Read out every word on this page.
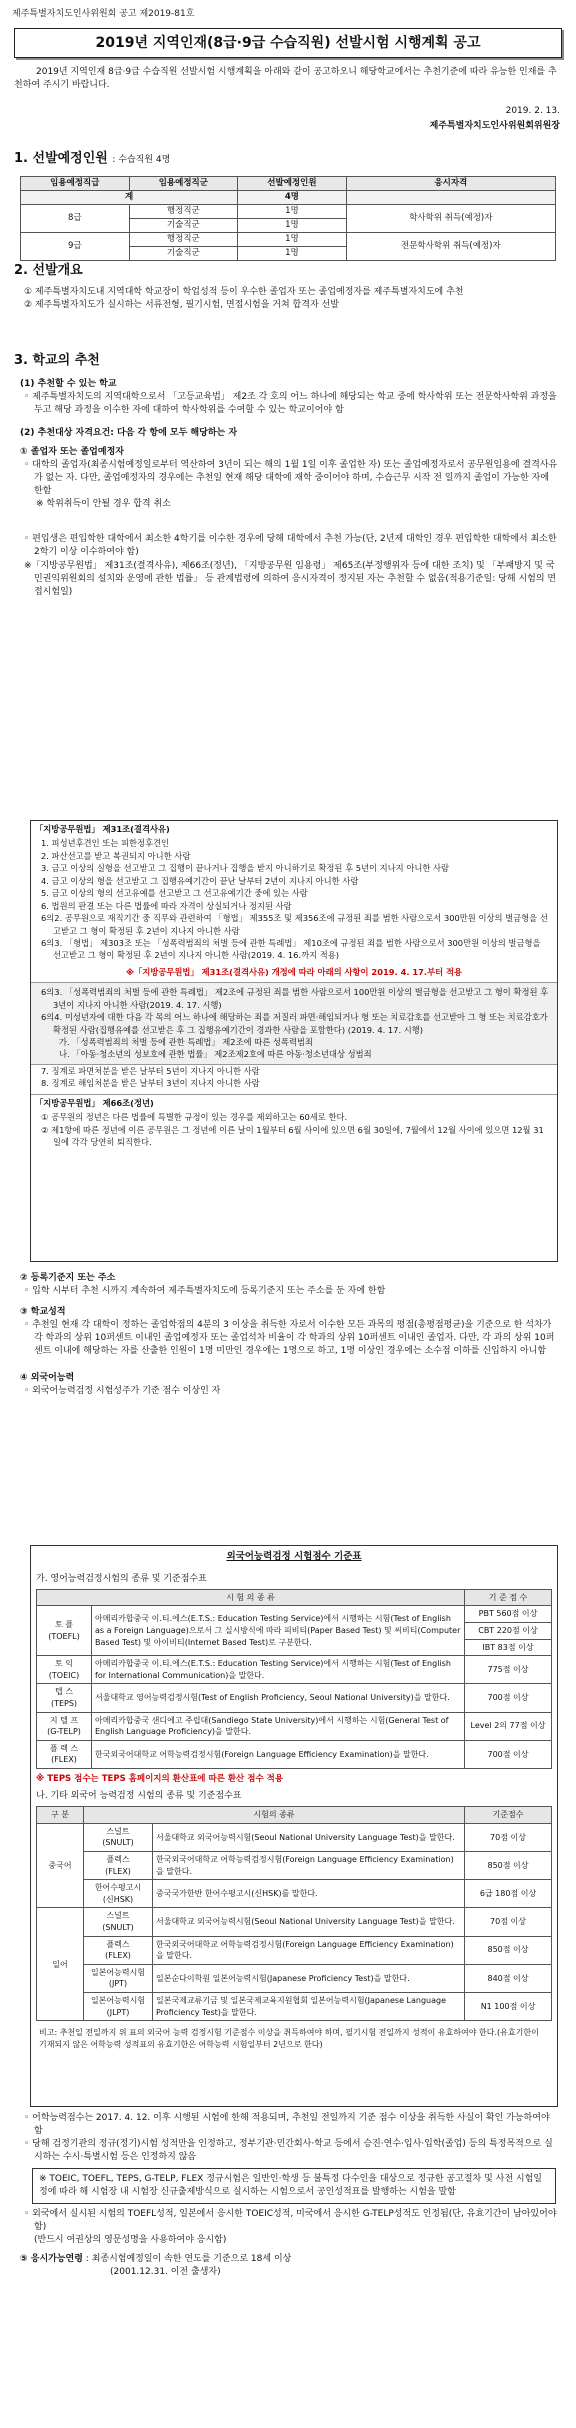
제주특별자치도인사위원회 공고 제2019-81호
2019년 지역인재(8급·9급 수습직원) 선발시험 시행계획 공고
2019년 지역인재 8급·9급 수습직원 선발시험 시행계획을 아래와 같이 공고하오니 해당학교에서는 추천기준에 따라 유능한 인재를 추천하여 주시기 바랍니다.
2019. 2. 13.
제주특별자치도인사위원회위원장
1. 선발예정인원 : 수습직원 4명
임용예정직급	임용예정직군	선발예정인원	응시자격
계		4명	
8급	행정직군	1명	학사학위 취득(예정)자
	기술직군	1명	
9급	행정직군	1명	전문학사학위 취득(예정)자
	기술직군	1명	
2. 선발개요
① 제주특별자치도내 지역대학 학교장이 학업성적 등이 우수한 졸업자 또는 졸업예정자를 제주특별자치도에 추천
② 제주특별자치도가 실시하는 서류전형, 필기시험, 면접시험을 거쳐 합격자 선발
3. 학교의 추천
(1) 추천할 수 있는 학교
◦ 제주특별자치도의 지역대학으로서 「고등교육법」 제2조 각 호의 어느 하나에 해당되는 학교 중에 학사학위 또는 전문학사학위 과정을 두고 해당 과정을 이수한 자에 대하여 학사학위를 수여할 수 있는 학교이어야 함
(2) 추천대상 자격요건: 다음 각 항에 모두 해당하는 자
① 졸업자 또는 졸업예정자
◦ 대학의 졸업자(최종시험예정일로부터 역산하여 3년이 되는 해의 1월 1일 이후 졸업한 자) 또는 졸업예정자로서 공무원임용에 결격사유가 없는 자. 다만, 졸업예정자의 경우에는 추천일 현재 해당 대학에 재학 중이어야 하며, 수습근무 시작 전 일까지 졸업이 가능한 자에 한함
※ 학위취득이 안될 경우 합격 취소
◦ 편입생은 편입학한 대학에서 최소한 4학기를 이수한 경우에 당해 대학에서 추천 가능(단, 2년제 대학인 경우 편입학한 대학에서 최소한 2학기 이상 이수하여야 함)
※「지방공무원법」 제31조(결격사유), 제66조(정년), 「지방공무원 임용령」 제65조(부정행위자 등에 대한 조치) 및 「부패방지 및 국민권익위원회의 설치와 운영에 관한 법률」 등 관계법령에 의하여 응시자격이 정지된 자는 추천할 수 없음(적용기준일: 당해 시험의 면접시험일)
「지방공무원법」 제31조(결격사유)
1. 피성년후견인 또는 피한정후견인
2. 파산선고를 받고 복권되지 아니한 사람
3. 금고 이상의 실형을 선고받고 그 집행이 끝나거나 집행을 받지 아니하기로 확정된 후 5년이 지나지 아니한 사람
4. 금고 이상의 형을 선고받고 그 집행유예기간이 끝난 날부터 2년이 지나지 아니한 사람
5. 금고 이상의 형의 선고유예를 선고받고 그 선고유예기간 중에 있는 사람
6. 법원의 판결 또는 다른 법률에 따라 자격이 상실되거나 정지된 사람
6의2. 공무원으로 재직기간 중 직무와 관련하여 「형법」 제355조 및 제356조에 규정된 죄를 범한 사람으로서 300만원 이상의 벌금형을 선고받고 그 형이 확정된 후 2년이 지나지 아니한 사람
6의3. 「형법」 제303조 또는 「성폭력범죄의 처벌 등에 관한 특례법」 제10조에 규정된 죄를 범한 사람으로서 300만원 이상의 벌금형을 선고받고 그 형이 확정된 후 2년이 지나지 아니한 사람(2019. 4. 16.까지 적용)
※「지방공무원법」 제31조(결격사유) 개정에 따라 아래의 사항이 2019. 4. 17.부터 적용
6의3. 「성폭력범죄의 처벌 등에 관한 특례법」 제2조에 규정된 죄를 범한 사람으로서 100만원 이상의 벌금형을 선고받고 그 형이 확정된 후 3년이 지나지 아니한 사람(2019. 4. 17. 시행)
6의4. 미성년자에 대한 다음 각 목의 어느 하나에 해당하는 죄를 저질러 파면·해임되거나 형 또는 치료감호를 선고받아 그 형 또는 치료감호가 확정된 사람(집행유예를 선고받은 후 그 집행유예기간이 경과한 사람을 포함한다) (2019. 4. 17. 시행)
가. 「성폭력범죄의 처벌 등에 관한 특례법」 제2조에 따른 성폭력범죄
나. 「아동·청소년의 성보호에 관한 법률」 제2조제2호에 따른 아동·청소년대상 성범죄
7. 징계로 파면처분을 받은 날부터 5년이 지나지 아니한 사람
8. 징계로 해임처분을 받은 날부터 3년이 지나지 아니한 사람
「지방공무원법」 제66조(정년)
① 공무원의 정년은 다른 법률에 특별한 규정이 있는 경우를 제외하고는 60세로 한다.
② 제1항에 따른 정년에 이른 공무원은 그 정년에 이른 날이 1월부터 6월 사이에 있으면 6월 30일에, 7월에서 12월 사이에 있으면 12월 31일에 각각 당연히 퇴직한다.
② 등록기준지 또는 주소
◦ 입학 시부터 추천 시까지 계속하여 제주특별자치도에 등록기준지 또는 주소를 둔 자에 한함
③ 학교성적
◦ 추천일 현재 각 대학이 정하는 졸업학점의 4분의 3 이상을 취득한 자로서 이수한 모든 과목의 평점(총평점평균)을 기준으로 한 석차가 각 학과의 상위 10퍼센트 이내인 졸업예정자 또는 졸업석차 비율이 각 학과의 상위 10퍼센트 이내인 졸업자. 다만, 각 과의 상위 10퍼센트 이내에 해당하는 자를 산출한 인원이 1명 미만인 경우에는 1명으로 하고, 1명 이상인 경우에는 소수점 이하를 신입하지 아니함
④ 외국어능력
◦ 외국어능력검정 시험성주가 기준 점수 이상인 자
외국어능력검정 시험점수 기준표
가. 영어능력검정시험의 종류 및 기준점수표
시 험 의 종 류		기 준 점 수
토 플
(TOEFL)	아메리카합중국 이.티.에스(E.T.S.: Education Testing Service)에서 시행하는 시험(Test of English as a Foreign Language)으로서 그 실시방식에 따라 피비티(Paper Based Test) 및 씨비티(Computer Based Test) 및 아이비티(Internet Based Test)로 구분한다.	PBT 560점 이상
		CBT 220점 이상
		IBT 83점 이상
토 익
(TOEIC)	아메리카합중국 이.티.에스(E.T.S.: Education Testing Service)에서 시행하는 시험(Test of English for International Communication)을 말한다.	775점 이상
텝 스
(TEPS)	서울대학교 영어능력검정시험(Test of English Proficiency, Seoul National University)을 말한다.	700점 이상
지 텔 프
(G-TELP)	아메리카합중국 샌디에고 주립대(Sandiego State University)에서 시행하는 시험(General Test of English Language Proficiency)을 말한다.	Level 2의 77점 이상
플 렉 스
(FLEX)	한국외국어대학교 어학능력검정시험(Foreign Language Efficiency Examination)을 말한다.	700점 이상
※ TEPS 점수는 TEPS 홈페이지의 환산표에 따른 환산 점수 적용
나. 기타 외국어 능력검정 시험의 종류 및 기준점수표
구 분	시험의 종류		기준점수
중국어	스널트
(SNULT)	서울대학교 외국어능력시험(Seoul National University Language Test)을 말한다.	70점 이상
	플렉스
(FLEX)	한국외국어대학교 어학능력검정시험(Foreign Language Efficiency Examination)을 말한다.	850점 이상
	한어수평고시
(신HSK)	중국국가한반 한어수평고시(신HSK)를 말한다.	6급 180점 이상
일어	스널트
(SNULT)	서울대학교 외국어능력시험(Seoul National University Language Test)을 말한다.	70점 이상
	플렉스
(FLEX)	한국외국어대학교 어학능력검정시험(Foreign Language Efficiency Examination)을 말한다.	850점 이상
	일본어능력시험
(JPT)	일본순다이학원 일본어능력시험(Japanese Proficiency Test)을 말한다.	840점 이상
	일본어능력시험
(JLPT)	일본국제교류기금 및 일본국제교육지원협회 일본어능력시험(Japanese Language Proficiency Test)을 말한다.	N1 100점 이상
비고: 추천일 전일까지 위 표의 외국어 능력 검정시험 기준점수 이상을 취득하여야 하며, 필기시험 전일까지 성적이 유효하여야 한다.(유효기한이 기재되지 않은 어학능력 성적표의 유효기한은 어학능력 시험일부터 2년으로 한다)
◦ 어학능력점수는 2017. 4. 12. 이후 시행된 시험에 한해 적용되며, 추천일 전일까지 기준 점수 이상을 취득한 사실이 확인 가능하여야 함
◦ 당해 검정기관의 정규(정기)시험 성적만을 인정하고, 정부기관·민간회사·학교 등에서 승진·연수·입사·입학(졸업) 등의 특정목적으로 실시하는 수시·특별시험 등은 인정하지 않음
※ TOEIC, TOEFL, TEPS, G-TELP, FLEX 정규시험은 일반인·학생 등 불특정 다수인을 대상으로 정규한 공고절차 및 사전 시험일정에 따라 해 시험장 내 시험장 신규출제방식으로 실시하는 시험으로서 공인성적표를 발행하는 시험을 말함
◦ 외국에서 실시된 시험의 TOEFL성적, 일본에서 응시한 TOEIC성적, 미국에서 응시한 G-TELP성적도 인정됨(단, 유효기간이 남아있어야 함)
(반드시 여권상의 영문성명을 사용하여야 응시함)
⑤ 응시가능연령 : 최종시험예정일이 속한 연도를 기준으로 18세 이상
(2001.12.31. 이전 출생자)
